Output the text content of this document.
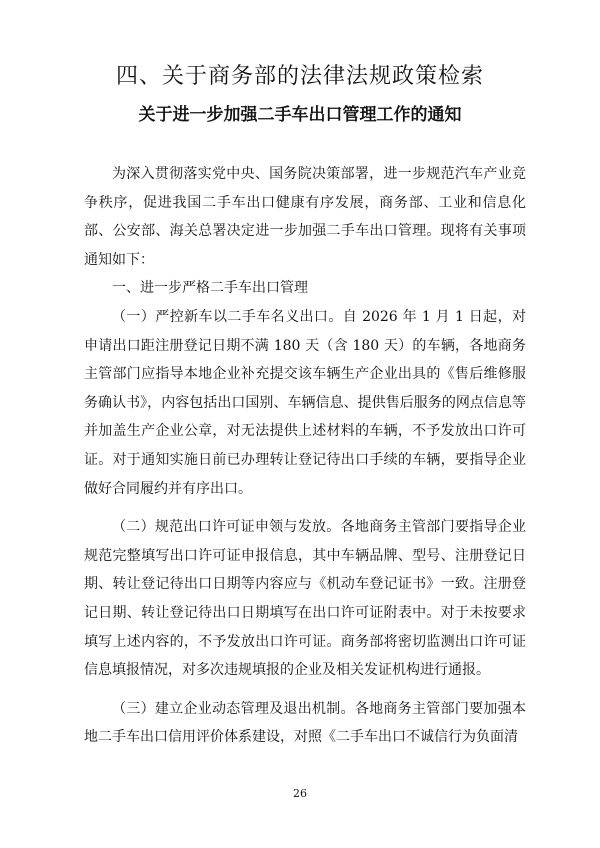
四、关于商务部的法律法规政策检索
关于进一步加强二手车出口管理工作的通知

为深入贯彻落实党中央、国务院决策部署，进一步规范汽车产业竞争秩序，促进我国二手车出口健康有序发展，商务部、工业和信息化部、公安部、海关总署决定进一步加强二手车出口管理。现将有关事项通知如下：

一、进一步严格二手车出口管理

（一）严控新车以二手车名义出口。自 2026 年 1 月 1 日起，对申请出口距注册登记日期不满 180 天（含 180 天）的车辆，各地商务主管部门应指导本地企业补充提交该车辆生产企业出具的《售后维修服务确认书》，内容包括出口国别、车辆信息、提供售后服务的网点信息等并加盖生产企业公章，对无法提供上述材料的车辆，不予发放出口许可证。对于通知实施日前已办理转让登记待出口手续的车辆，要指导企业做好合同履约并有序出口。

（二）规范出口许可证申领与发放。各地商务主管部门要指导企业规范完整填写出口许可证申报信息，其中车辆品牌、型号、注册登记日期、转让登记待出口日期等内容应与《机动车登记证书》一致。注册登记日期、转让登记待出口日期填写在出口许可证附表中。对于未按要求填写上述内容的，不予发放出口许可证。商务部将密切监测出口许可证信息填报情况，对多次违规填报的企业及相关发证机构进行通报。

（三）建立企业动态管理及退出机制。各地商务主管部门要加强本地二手车出口信用评价体系建设，对照《二手车出口不诚信行为负面清

26
